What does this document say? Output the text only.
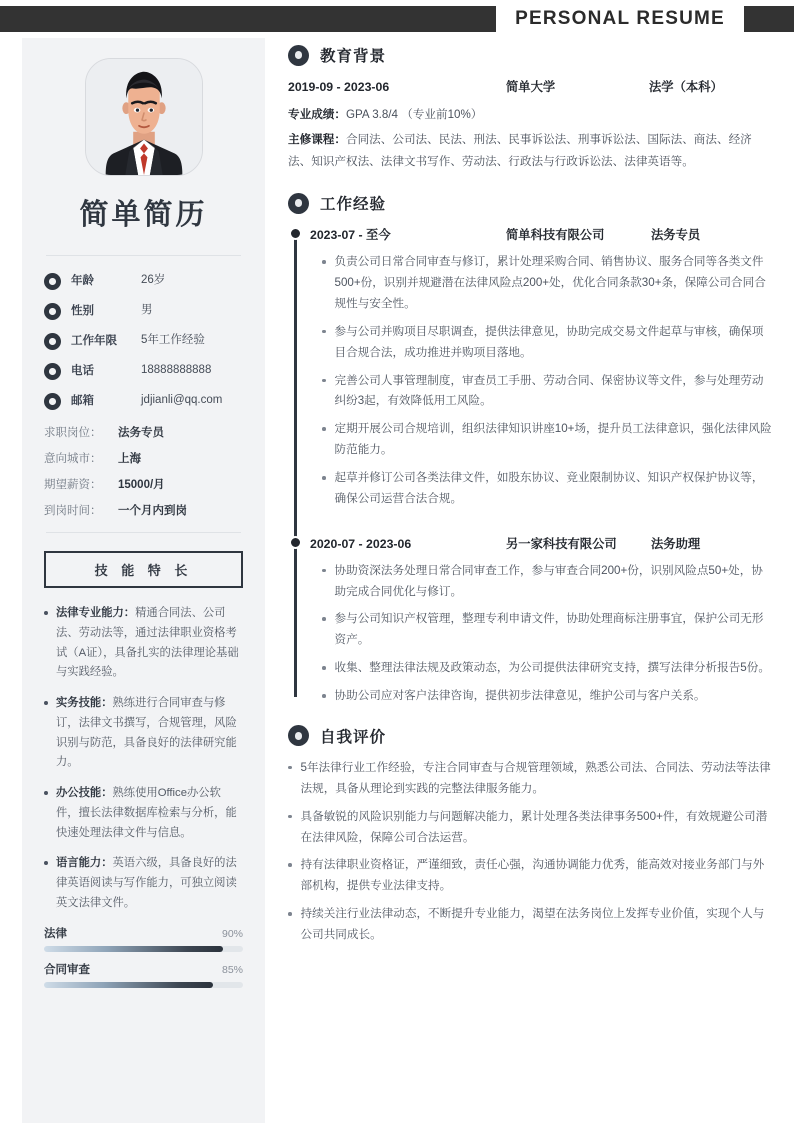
PERSONAL RESUME
简单简历
年龄	26岁
性别	男
工作年限	5年工作经验
电话	18888888888
邮箱	jdjianli@qq.com
求职岗位：	法务专员
意向城市：	上海
期望薪资：	15000/月
到岗时间：	一个月内到岗
技 能 特 长
法律专业能力：精通合同法、公司法、劳动法等，通过法律职业资格考试（A证），具备扎实的法律理论基础与实践经验。
实务技能：熟练进行合同审查与修订，法律文书撰写，合规管理，风险识别与防范，具备良好的法律研究能力。
办公技能：熟练使用Office办公软件，擅长法律数据库检索与分析，能快速处理法律文件与信息。
语言能力：英语六级，具备良好的法律英语阅读与写作能力，可独立阅读英文法律文件。
法律	90%
合同审查	85%
教育背景
2019-09 - 2023-06	简单大学	法学（本科）
专业成绩：GPA 3.8/4 （专业前10%）
主修课程：合同法、公司法、民法、刑法、民事诉讼法、刑事诉讼法、国际法、商法、经济法、知识产权法、法律文书写作、劳动法、行政法与行政诉讼法、法律英语等。
工作经验
2023-07 - 至今	简单科技有限公司	法务专员
负责公司日常合同审查与修订，累计处理采购合同、销售协议、服务合同等各类文件500+份，识别并规避潜在法律风险点200+处，优化合同条款30+条，保障公司合同合规性与安全性。
参与公司并购项目尽职调查，提供法律意见，协助完成交易文件起草与审核，确保项目合规合法，成功推进并购项目落地。
完善公司人事管理制度，审查员工手册、劳动合同、保密协议等文件，参与处理劳动纠纷3起，有效降低用工风险。
定期开展公司合规培训，组织法律知识讲座10+场，提升员工法律意识，强化法律风险防范能力。
起草并修订公司各类法律文件，如股东协议、竞业限制协议、知识产权保护协议等，确保公司运营合法合规。
2020-07 - 2023-06	另一家科技有限公司	法务助理
协助资深法务处理日常合同审查工作，参与审查合同200+份，识别风险点50+处，协助完成合同优化与修订。
参与公司知识产权管理，整理专利申请文件，协助处理商标注册事宜，保护公司无形资产。
收集、整理法律法规及政策动态，为公司提供法律研究支持，撰写法律分析报告5份。
协助公司应对客户法律咨询，提供初步法律意见，维护公司与客户关系。
自我评价
5年法律行业工作经验，专注合同审查与合规管理领域，熟悉公司法、合同法、劳动法等法律法规，具备从理论到实践的完整法律服务能力。
具备敏锐的风险识别能力与问题解决能力，累计处理各类法律事务500+件，有效规避公司潜在法律风险，保障公司合法运营。
持有法律职业资格证，严谨细致，责任心强，沟通协调能力优秀，能高效对接业务部门与外部机构，提供专业法律支持。
持续关注行业法律动态，不断提升专业能力，渴望在法务岗位上发挥专业价值，实现个人与公司共同成长。
